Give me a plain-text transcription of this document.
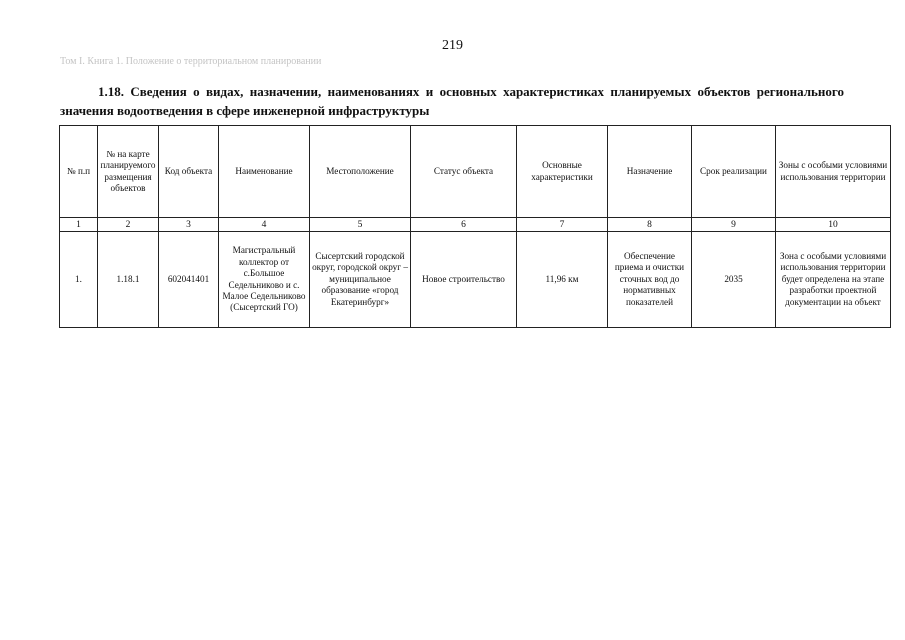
219
Том I. Книга 1. Положение о территориальном планировании
1.18. Сведения о видах, назначении, наименованиях и основных характеристиках планируемых объектов регионального значения водоотведения в сфере инженерной инфраструктуры
№ п.п	№ на карте планируемого размещения объектов	Код объекта	Наименование	Местоположение	Статус объекта	Основные характеристики	Назначение	Срок реализации	Зоны с особыми условиями использования территории
1	2	3	4	5	6	7	8	9	10
1.	1.18.1	602041401	Магистральный коллектор от с.Большое Седельниково и с. Малое Седельниково (Сысертский ГО)	Сысертский городской округ, городской округ – муниципальное образование «город Екатеринбург»	Новое строительство	11,96 км	Обеспечение приема и очистки сточных вод до нормативных показателей	2035	Зона с особыми условиями использования территории будет определена на этапе разработки проектной документации на объект
